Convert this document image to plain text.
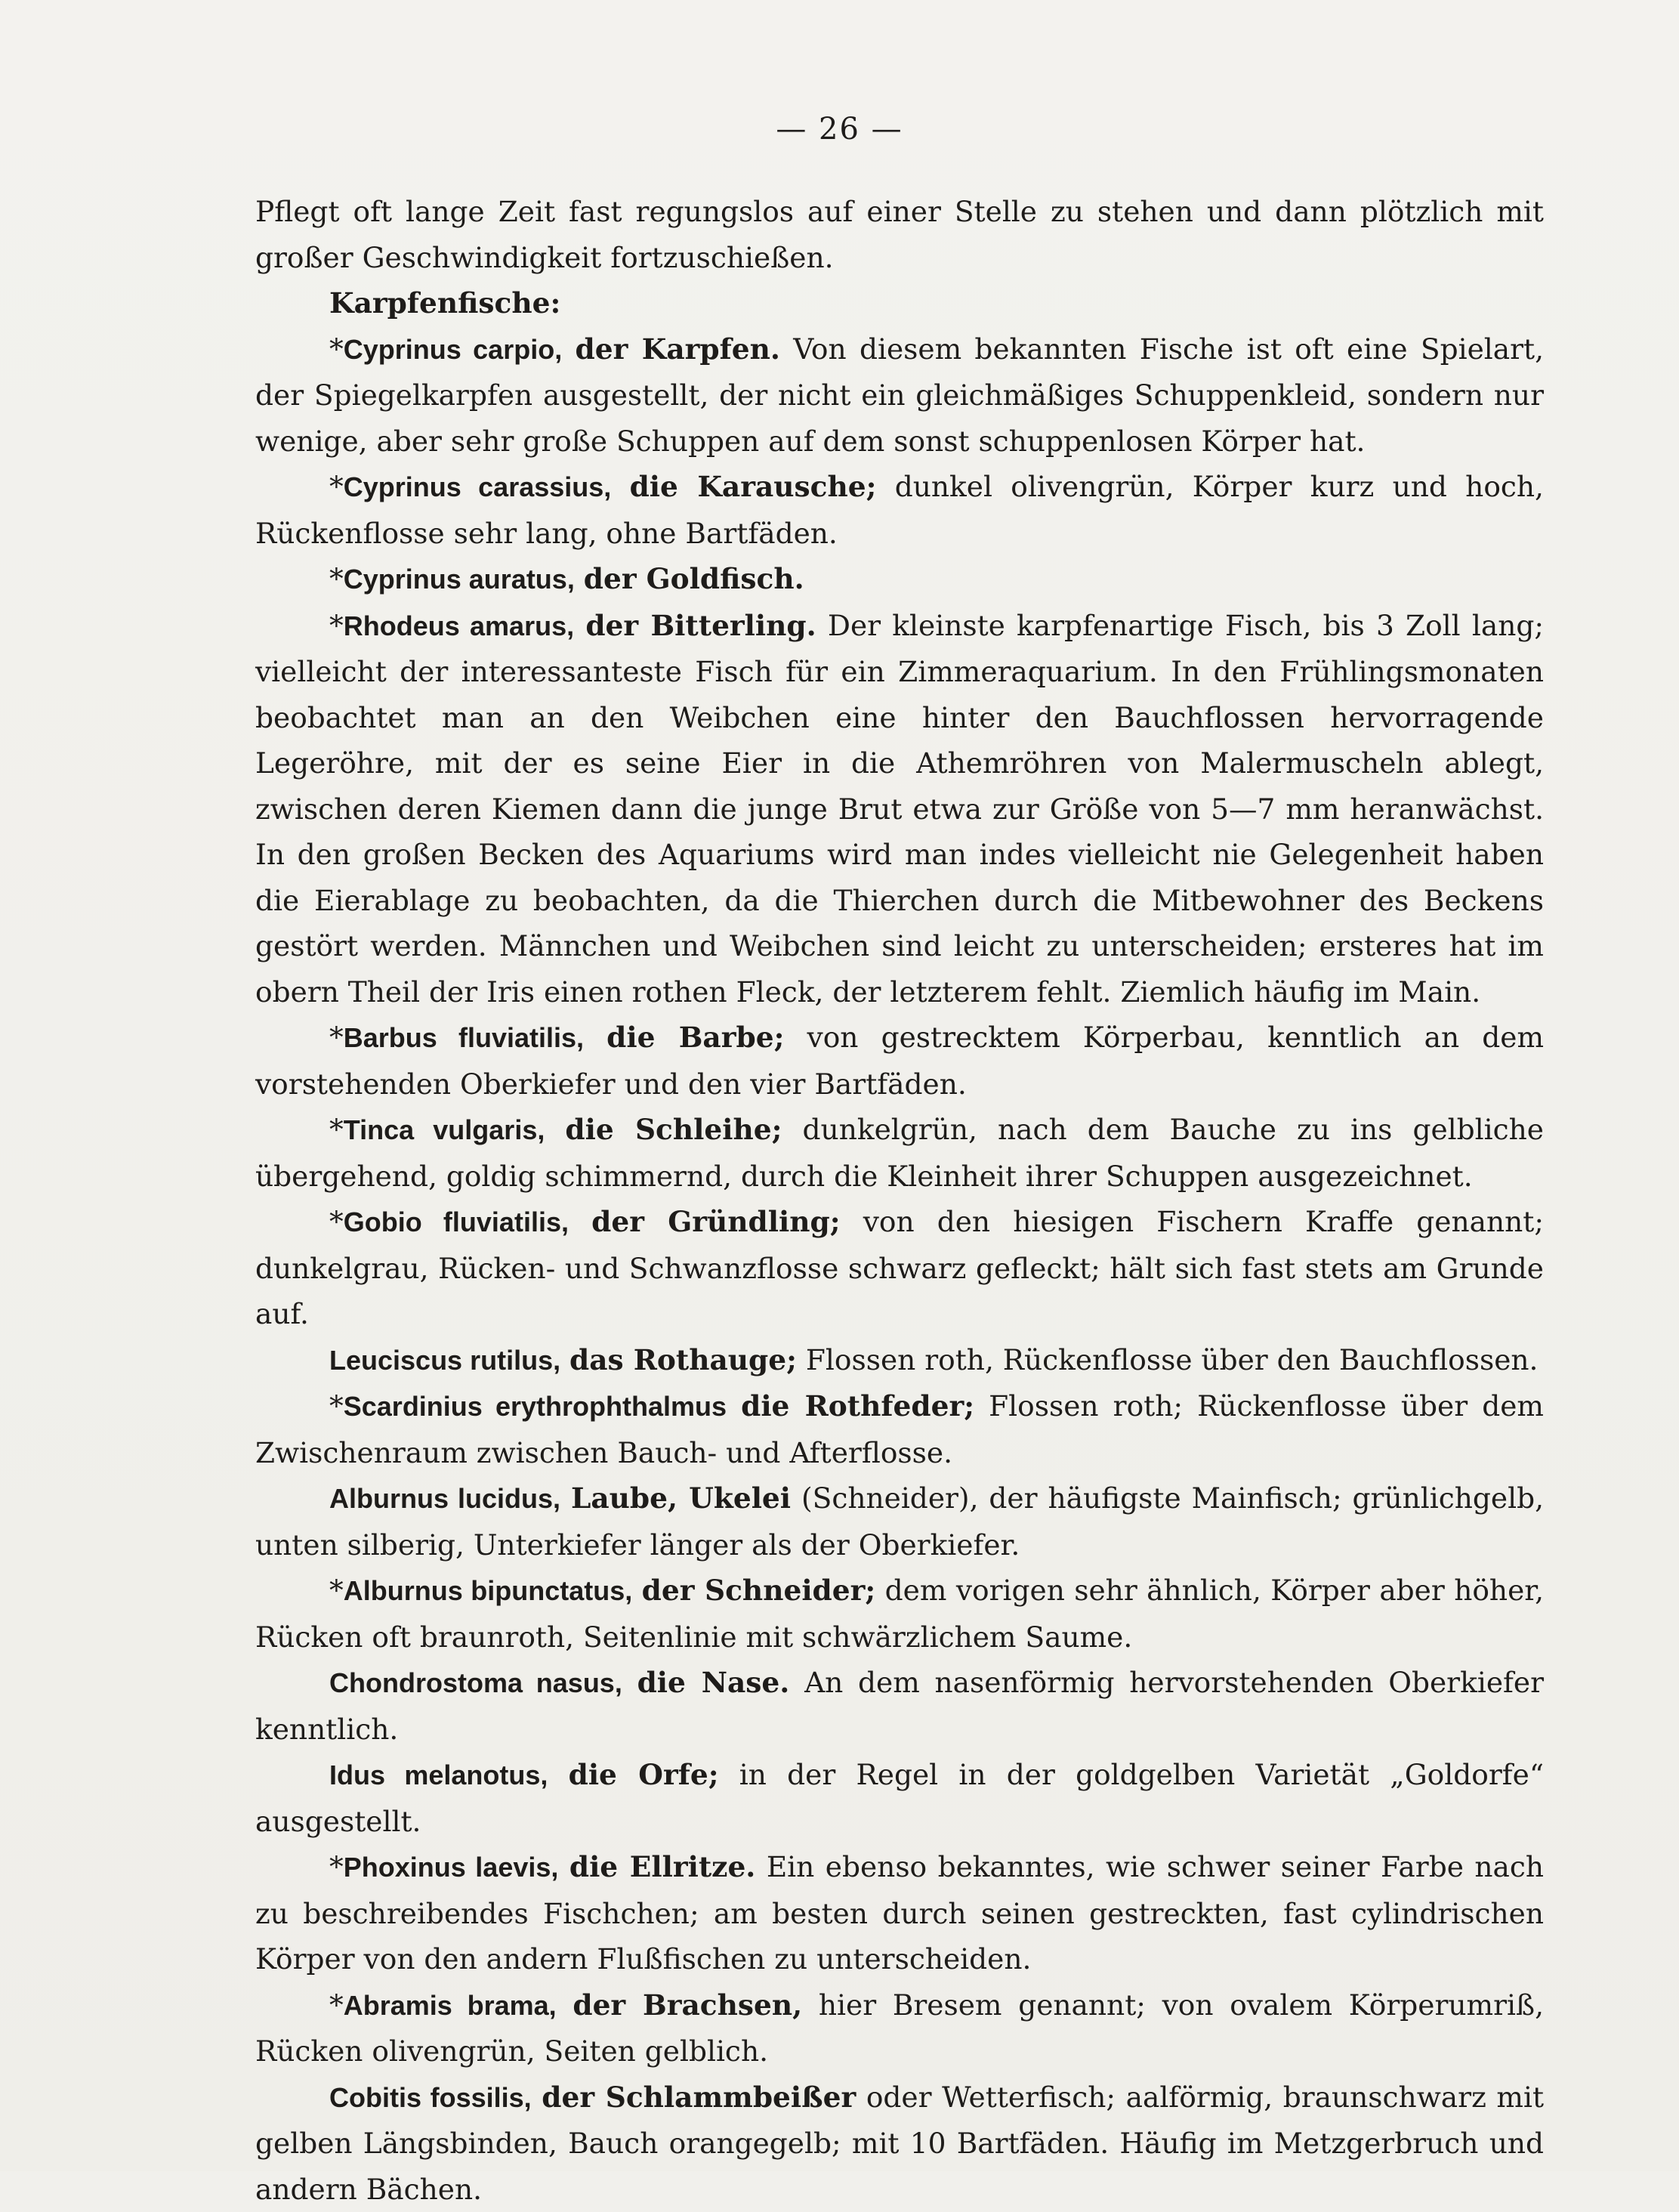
— 26 —

Pflegt oft lange Zeit fast regungslos auf einer Stelle zu stehen und dann plötzlich mit großer Geschwindigkeit fortzuschießen.

Karpfenfische:

*Cyprinus carpio, der Karpfen. Von diesem bekannten Fische ist oft eine Spielart, der Spiegelkarpfen ausgestellt, der nicht ein gleichmäßiges Schuppenkleid, sondern nur wenige, aber sehr große Schuppen auf dem sonst schuppenlosen Körper hat.

*Cyprinus carassius, die Karausche; dunkel olivengrün, Körper kurz und hoch, Rückenflosse sehr lang, ohne Bartfäden.

*Cyprinus auratus, der Goldfisch.

*Rhodeus amarus, der Bitterling. Der kleinste karpfenartige Fisch, bis 3 Zoll lang; vielleicht der interessanteste Fisch für ein Zimmeraquarium. In den Frühlingsmonaten beobachtet man an den Weibchen eine hinter den Bauchflossen hervorragende Legeröhre, mit der es seine Eier in die Athemröhren von Malermuscheln ablegt, zwischen deren Kiemen dann die junge Brut etwa zur Größe von 5—7 mm heranwächst. In den großen Becken des Aquariums wird man indes vielleicht nie Gelegenheit haben die Eierablage zu beobachten, da die Thierchen durch die Mitbewohner des Beckens gestört werden. Männchen und Weibchen sind leicht zu unterscheiden; ersteres hat im obern Theil der Iris einen rothen Fleck, der letzterem fehlt. Ziemlich häufig im Main.

*Barbus fluviatilis, die Barbe; von gestrecktem Körperbau, kenntlich an dem vorstehenden Oberkiefer und den vier Bartfäden.

*Tinca vulgaris, die Schleihe; dunkelgrün, nach dem Bauche zu ins gelbliche übergehend, goldig schimmernd, durch die Kleinheit ihrer Schuppen ausgezeichnet.

*Gobio fluviatilis, der Gründling; von den hiesigen Fischern Kraffe genannt; dunkelgrau, Rücken- und Schwanzflosse schwarz gefleckt; hält sich fast stets am Grunde auf.

Leuciscus rutilus, das Rothauge; Flossen roth, Rückenflosse über den Bauchflossen.

*Scardinius erythrophthalmus die Rothfeder; Flossen roth; Rückenflosse über dem Zwischenraum zwischen Bauch- und Afterflosse.

Alburnus lucidus, Laube, Ukelei (Schneider), der häufigste Mainfisch; grünlichgelb, unten silberig, Unterkiefer länger als der Oberkiefer.

*Alburnus bipunctatus, der Schneider; dem vorigen sehr ähnlich, Körper aber höher, Rücken oft braunroth, Seitenlinie mit schwärzlichem Saume.

Chondrostoma nasus, die Nase. An dem nasenförmig hervorstehenden Oberkiefer kenntlich.

Idus melanotus, die Orfe; in der Regel in der goldgelben Varietät „Goldorfe“ ausgestellt.

*Phoxinus laevis, die Ellritze. Ein ebenso bekanntes, wie schwer seiner Farbe nach zu beschreibendes Fischchen; am besten durch seinen gestreckten, fast cylindrischen Körper von den andern Flußfischen zu unterscheiden.

*Abramis brama, der Brachsen, hier Bresem genannt; von ovalem Körperumriß, Rücken olivengrün, Seiten gelblich.

Cobitis fossilis, der Schlammbeißer oder Wetterfisch; aalförmig, braunschwarz mit gelben Längsbinden, Bauch orangegelb; mit 10 Bartfäden. Häufig im Metzgerbruch und andern Bächen.
